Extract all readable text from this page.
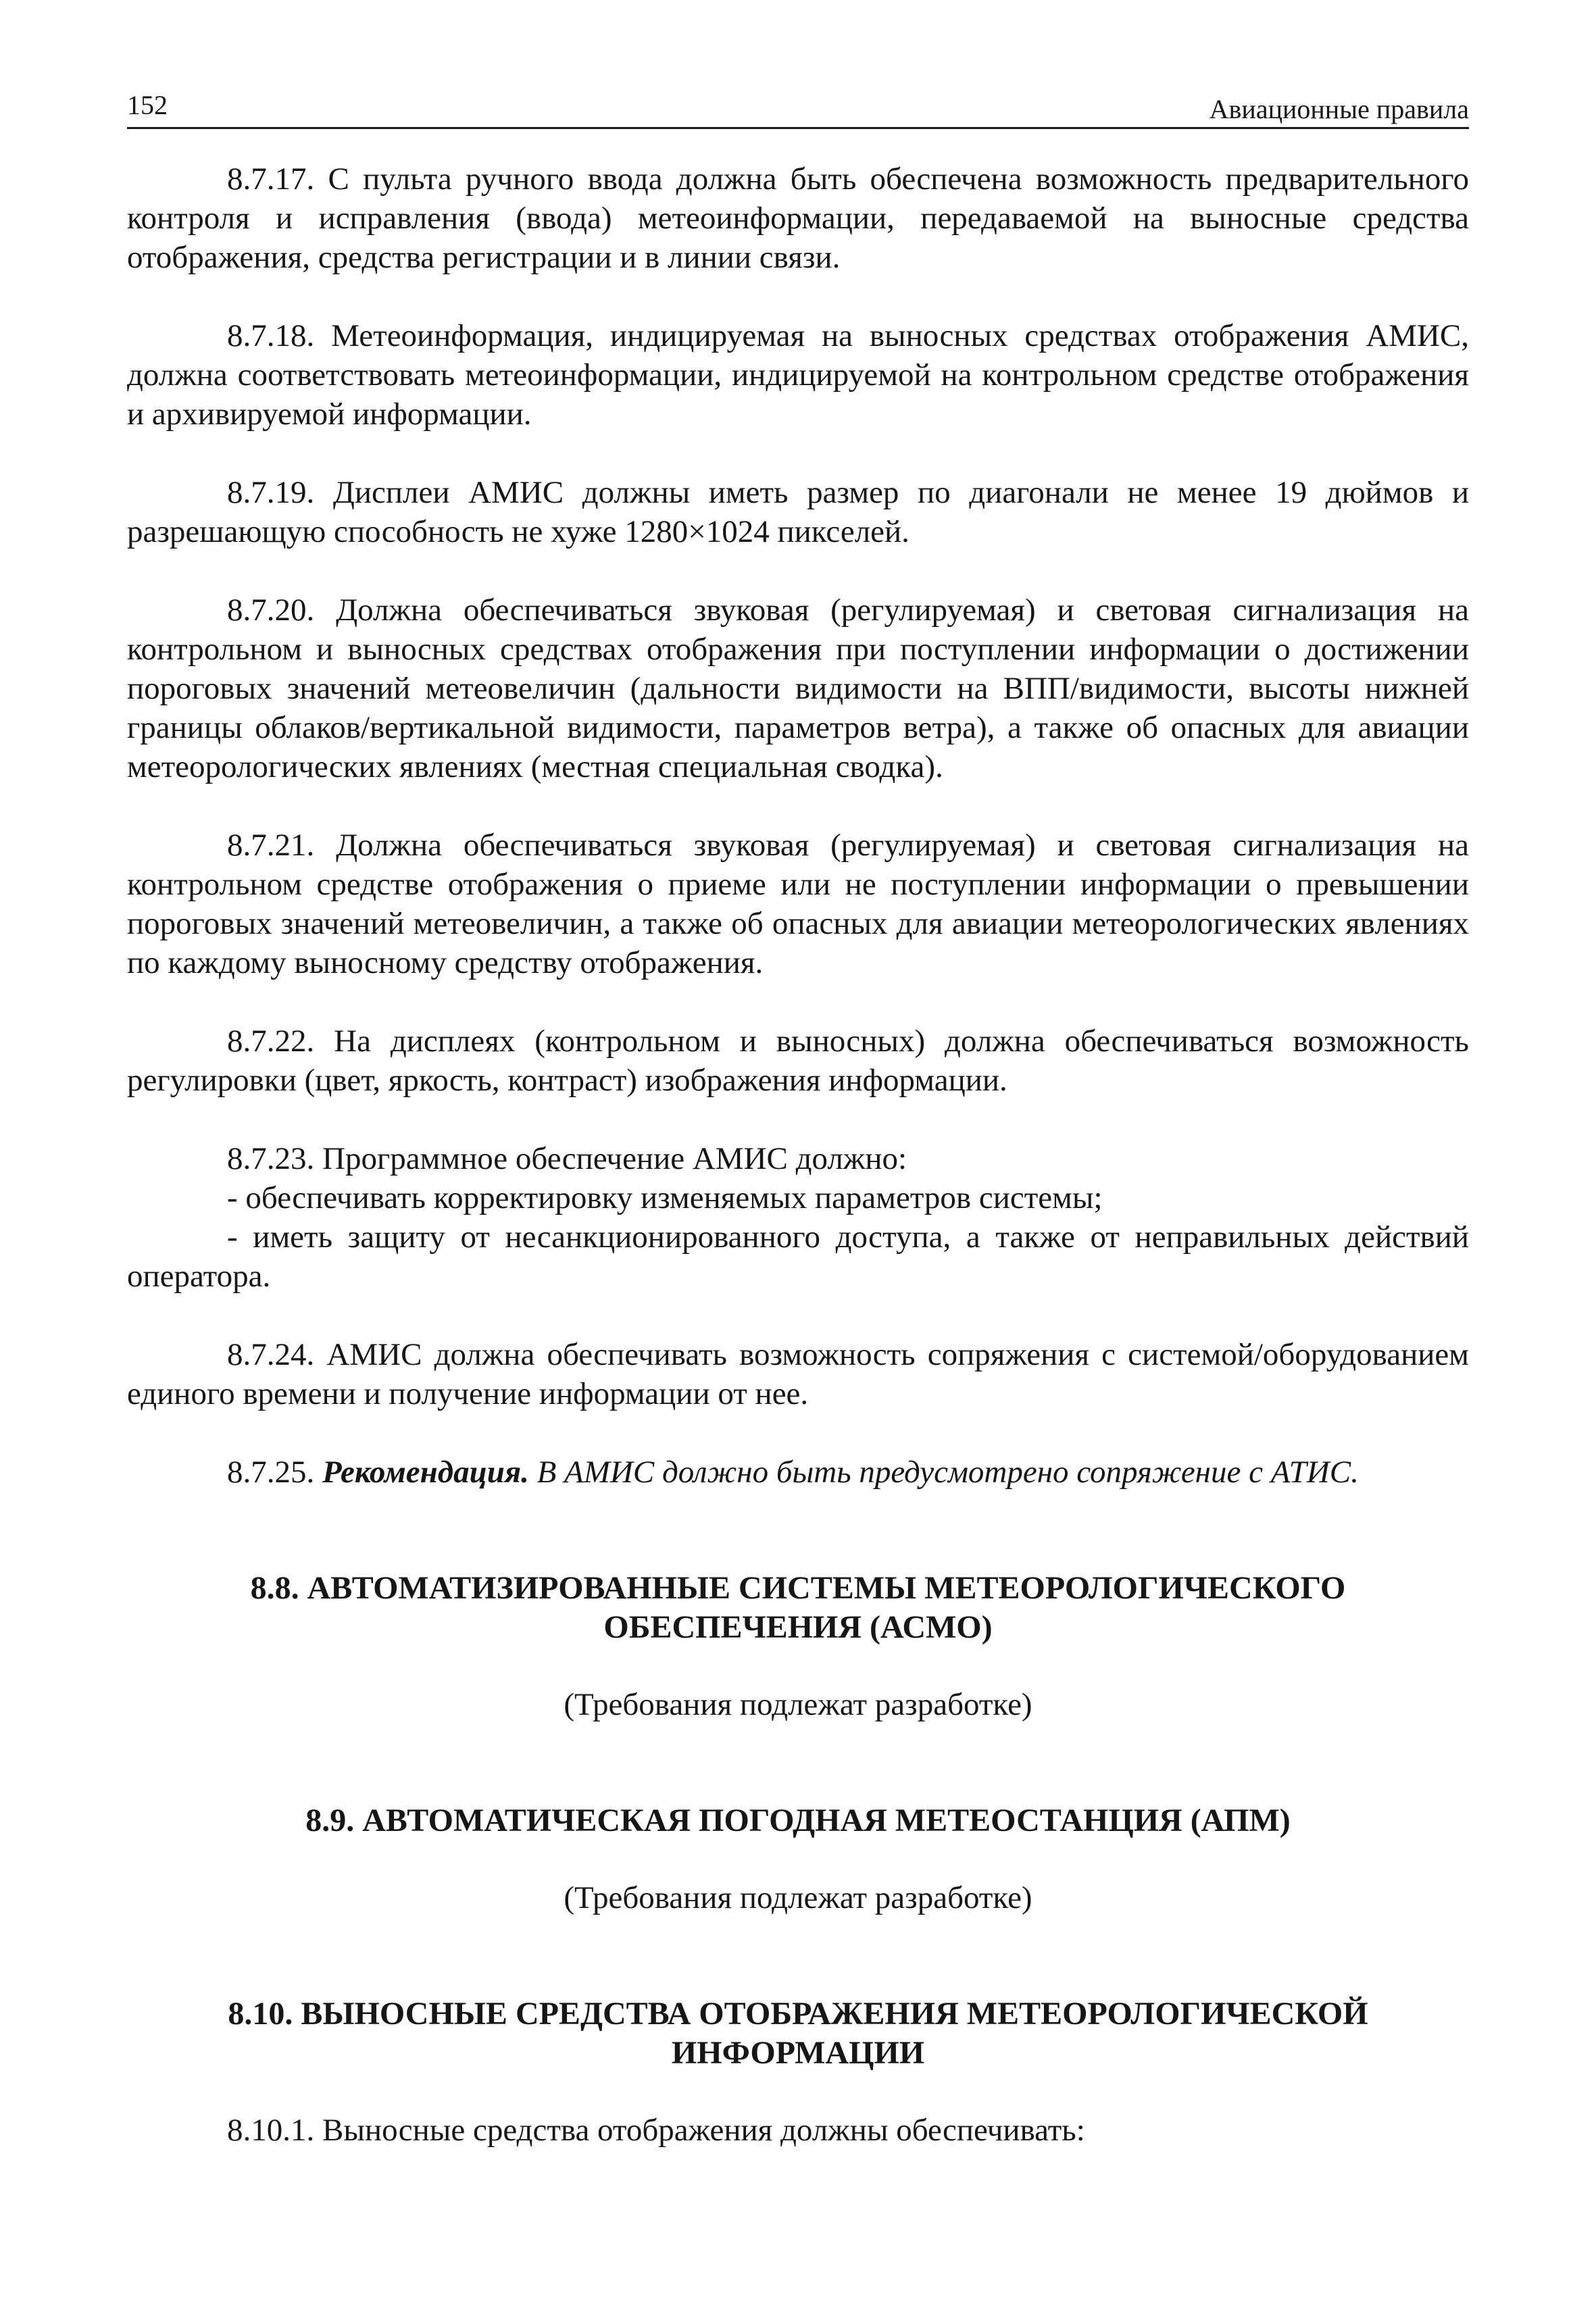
152	Авиационные правила

8.7.17. С пульта ручного ввода должна быть обеспечена возможность предварительного контроля и исправления (ввода) метеоинформации, передаваемой на выносные средства отображения, средства регистрации и в линии связи.

8.7.18. Метеоинформация, индицируемая на выносных средствах отображения АМИС, должна соответствовать метеоинформации, индицируемой на контрольном средстве отображения и архивируемой информации.

8.7.19. Дисплеи АМИС должны иметь размер по диагонали не менее 19 дюймов и разрешающую способность не хуже 1280×1024 пикселей.

8.7.20. Должна обеспечиваться звуковая (регулируемая) и световая сигнализация на контрольном и выносных средствах отображения при поступлении информации о достижении пороговых значений метеовеличин (дальности видимости на ВПП/видимости, высоты нижней границы облаков/вертикальной видимости, параметров ветра), а также об опасных для авиации метеорологических явлениях (местная специальная сводка).

8.7.21. Должна обеспечиваться звуковая (регулируемая) и световая сигнализация на контрольном средстве отображения о приеме или не поступлении информации о превышении пороговых значений метеовеличин, а также об опасных для авиации метеорологических явлениях по каждому выносному средству отображения.

8.7.22. На дисплеях (контрольном и выносных) должна обеспечиваться возможность регулировки (цвет, яркость, контраст) изображения информации.

8.7.23. Программное обеспечение АМИС должно:

- обеспечивать корректировку изменяемых параметров системы;

- иметь защиту от несанкционированного доступа, а также от неправильных действий оператора.

8.7.24. АМИС должна обеспечивать возможность сопряжения с системой/оборудованием единого времени и получение информации от нее.

8.7.25. Рекомендация. В АМИС должно быть предусмотрено сопряжение с АТИС.

8.8. АВТОМАТИЗИРОВАННЫЕ СИСТЕМЫ МЕТЕОРОЛОГИЧЕСКОГО
ОБЕСПЕЧЕНИЯ (АСМО)

(Требования подлежат разработке)

8.9. АВТОМАТИЧЕСКАЯ ПОГОДНАЯ МЕТЕОСТАНЦИЯ (АПМ)

(Требования подлежат разработке)

8.10. ВЫНОСНЫЕ СРЕДСТВА ОТОБРАЖЕНИЯ МЕТЕОРОЛОГИЧЕСКОЙ
ИНФОРМАЦИИ

8.10.1. Выносные средства отображения должны обеспечивать:
